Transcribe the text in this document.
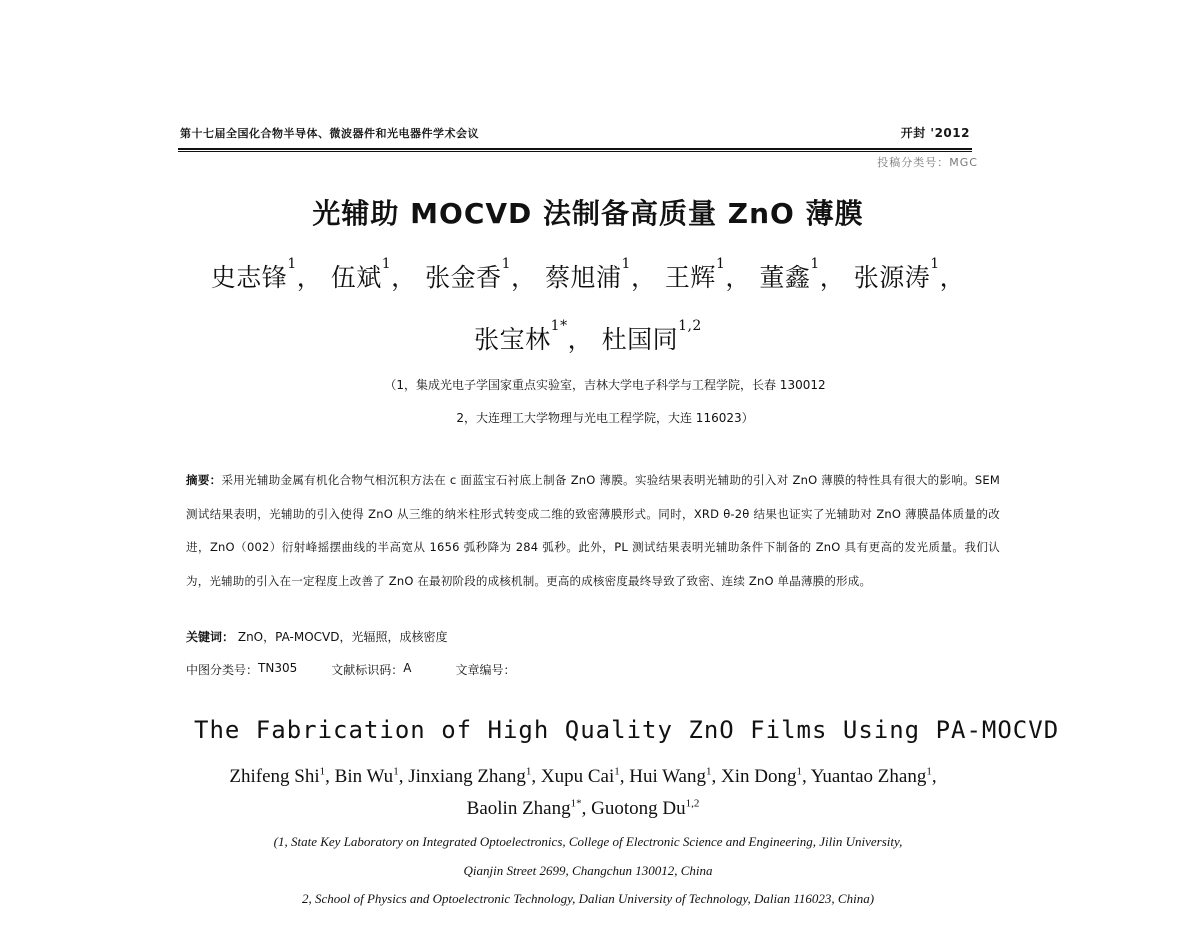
第十七届全国化合物半导体、微波器件和光电器件学术会议	开封 '2012
投稿分类号：MGC
光辅助 MOCVD 法制备高质量 ZnO 薄膜
史志锋$^1$， 伍斌$^1$， 张金香$^1$， 蔡旭浦$^1$， 王辉$^1$， 董鑫$^1$， 张源涛$^1$，
张宝林$^{1*}$， 杜国同$^{1,2}$
（1，集成光电子学国家重点实验室，吉林大学电子科学与工程学院，长春 130012
2，大连理工大学物理与光电工程学院，大连 116023）
摘要：采用光辅助金属有机化合物气相沉积方法在 c 面蓝宝石衬底上制备 ZnO 薄膜。实验结果表明光辅助的引入对 ZnO 薄膜的特性具有很大的影响。SEM 测试结果表明，光辅助的引入使得 ZnO 从三维的纳米柱形式转变成二维的致密薄膜形式。同时，XRD θ-2θ 结果也证实了光辅助对 ZnO 薄膜晶体质量的改进，ZnO（002）衍射峰摇摆曲线的半高宽从 1656 弧秒降为 284 弧秒。此外，PL 测试结果表明光辅助条件下制备的 ZnO 具有更高的发光质量。我们认为，光辅助的引入在一定程度上改善了 ZnO 在最初阶段的成核机制。更高的成核密度最终导致了致密、连续 ZnO 单晶薄膜的形成。
关键词： ZnO，PA-MOCVD，光辐照，成核密度
中图分类号： TN305	文献标识码： A	文章编号：
The Fabrication of High Quality ZnO Films Using PA-MOCVD
Zhifeng Shi$^1$, Bin Wu$^1$, Jinxiang Zhang$^1$, Xupu Cai$^1$, Hui Wang$^1$, Xin Dong$^1$, Yuantao Zhang$^1$,
Baolin Zhang$^{1*}$, Guotong Du$^{1,2}$
(1, State Key Laboratory on Integrated Optoelectronics, College of Electronic Science and Engineering, Jilin University,
Qianjin Street 2699, Changchun 130012, China
2, School of Physics and Optoelectronic Technology, Dalian University of Technology, Dalian 116023, China)
